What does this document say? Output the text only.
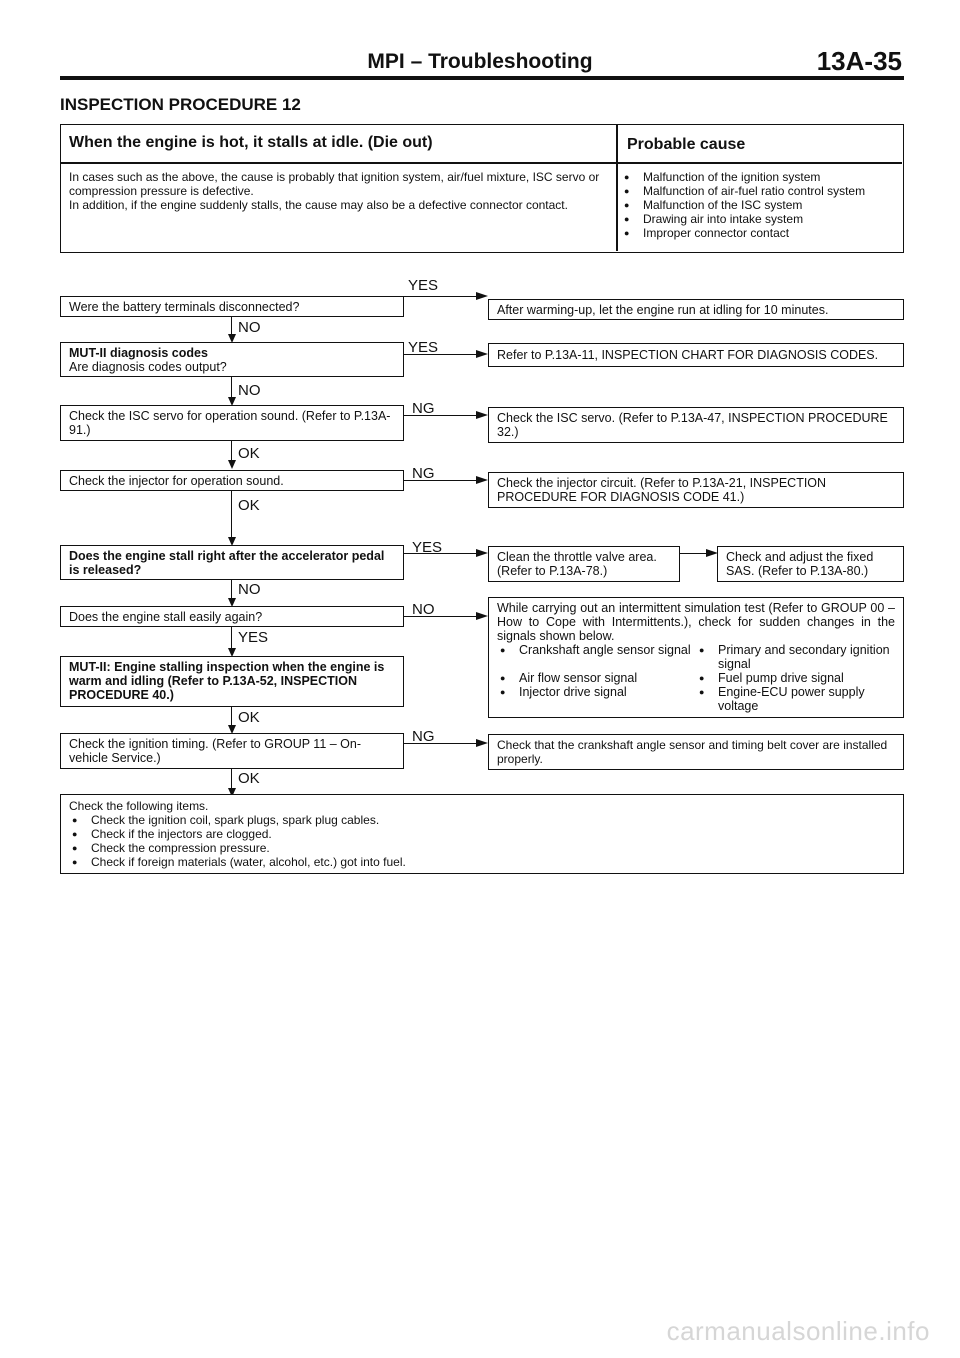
MPI – Troubleshooting	13A-35
INSPECTION PROCEDURE 12
When the engine is hot, it stalls at idle. (Die out)	Probable cause
In cases such as the above, the cause is probably that ignition system, air/fuel mixture, ISC servo or compression pressure is defective.
In addition, if the engine suddenly stalls, the cause may also be a defective connector contact.
● Malfunction of the ignition system
● Malfunction of air-fuel ratio control system
● Malfunction of the ISC system
● Drawing air into intake system
● Improper connector contact
Were the battery terminals disconnected?
YES
After warming-up, let the engine run at idling for 10 minutes.
NO
MUT-II diagnosis codes
Are diagnosis codes output?
YES	Refer to P.13A-11, INSPECTION CHART FOR DIAGNOSIS CODES.
NO
Check the ISC servo for operation sound. (Refer to P.13A-91.)
NG
Check the ISC servo. (Refer to P.13A-47, INSPECTION PROCEDURE 32.)
OK
Check the injector for operation sound.	NG
Check the injector circuit. (Refer to P.13A-21, INSPECTION PROCEDURE FOR DIAGNOSIS CODE 41.)
OK
Does the engine stall right after the accelerator pedal is released?
YES
Clean the throttle valve area. (Refer to P.13A-78.)
Check and adjust the fixed SAS. (Refer to P.13A-80.)
NO
Does the engine stall easily again?	NO	While carrying out an intermittent simulation test (Refer to GROUP 00 – How to Cope with Intermittents.), check for sudden changes in the signals shown below.
● Crankshaft angle sensor signal	● Primary and secondary ignition signal
● Air flow sensor signal	● Fuel pump drive signal
● Injector drive signal	● Engine-ECU power supply voltage
YES
MUT-II: Engine stalling inspection when the engine is warm and idling (Refer to P.13A-52, INSPECTION PROCEDURE 40.)
OK
Check the ignition timing. (Refer to GROUP 11 – On-vehicle Service.)
NG	Check that the crankshaft angle sensor and timing belt cover are installed properly.
OK
Check the following items.
● Check the ignition coil, spark plugs, spark plug cables.
● Check if the injectors are clogged.
● Check the compression pressure.
● Check if foreign materials (water, alcohol, etc.) got into fuel.
carmanualsonline.info
